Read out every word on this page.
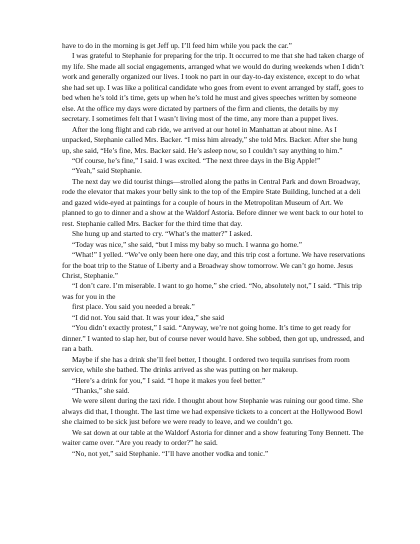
have to do in the morning is get Jeff up. I’ll feed him while you pack the car.”

I was grateful to Stephanie for preparing for the trip. It occurred to me that she had taken charge of my life. She made all social engagements, arranged what we would do during weekends when I didn’t work and generally organized our lives. I took no part in our day-to-day existence, except to do what she had set up. I was like a political candidate who goes from event to event arranged by staff, goes to bed when he’s told it’s time, gets up when he’s told he must and gives speeches written by someone else. At the office my days were dictated by partners of the firm and clients, the details by my secretary. I sometimes felt that I wasn’t living most of the time, any more than a puppet lives.

After the long flight and cab ride, we arrived at our hotel in Manhattan at about nine. As I unpacked, Stephanie called Mrs. Backer. “I miss him already,” she told Mrs. Backer. After she hung up, she said, “He’s fine, Mrs. Backer said. He’s asleep now, so I couldn’t say anything to him.”

“Of course, he’s fine,” I said. I was excited. “The next three days in the Big Apple!”

“Yeah,” said Stephanie.

The next day we did tourist things—strolled along the paths in Central Park and down Broadway, rode the elevator that makes your belly sink to the top of the Empire State Building, lunched at a deli and gazed wide-eyed at paintings for a couple of hours in the Metropolitan Museum of Art. We planned to go to dinner and a show at the Waldorf Astoria. Before dinner we went back to our hotel to rest. Stephanie called Mrs. Backer for the third time that day.

She hung up and started to cry. “What’s the matter?” I asked.

“Today was nice,” she said, “but I miss my baby so much. I wanna go home.”

“What!” I yelled. “We’ve only been here one day, and this trip cost a fortune. We have reservations for the boat trip to the Statue of Liberty and a Broadway show tomorrow. We can’t go home. Jesus Christ, Stephanie.”

“I don’t care. I’m miserable. I want to go home,” she cried. “No, absolutely not,” I said. “This trip was for you in the

first place. You said you needed a break.”

“I did not. You said that. It was your idea,” she said

“You didn’t exactly protest,” I said. “Anyway, we’re not going home. It’s time to get ready for dinner.” I wanted to slap her, but of course never would have. She sobbed, then got up, undressed, and ran a bath.

Maybe if she has a drink she’ll feel better, I thought. I ordered two tequila sunrises from room service, while she bathed. The drinks arrived as she was putting on her makeup.

“Here’s a drink for you,” I said. “I hope it makes you feel better.”

“Thanks,” she said.

We were silent during the taxi ride. I thought about how Stephanie was ruining our good time. She always did that, I thought. The last time we had expensive tickets to a concert at the Hollywood Bowl she claimed to be sick just before we were ready to leave, and we couldn’t go.

We sat down at our table at the Waldorf Astoria for dinner and a show featuring Tony Bennett. The waiter came over. “Are you ready to order?” he said.

“No, not yet,” said Stephanie. “I’ll have another vodka and tonic.”
